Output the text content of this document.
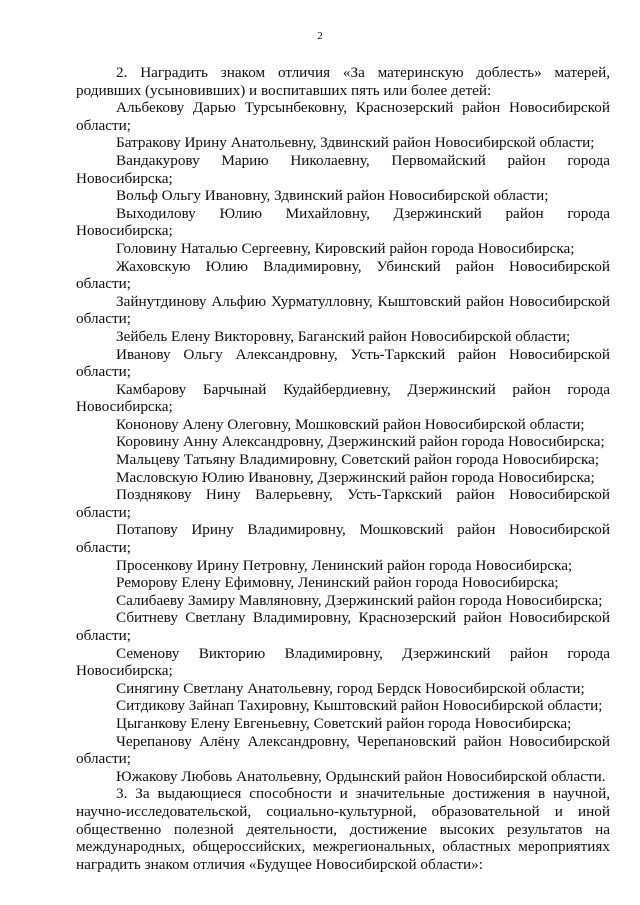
2

2. Наградить знаком отличия «За материнскую доблесть» матерей, родивших (усыновивших) и воспитавших пять или более детей:

Альбекову Дарью Турсынбековну, Краснозерский район Новосибирской области;

Батракову Ирину Анатольевну, Здвинский район Новосибирской области;

Вандакурову Марию Николаевну, Первомайский район города Новосибирска;

Вольф Ольгу Ивановну, Здвинский район Новосибирской области;

Выходилову Юлию Михайловну, Дзержинский район города Новосибирска;

Головину Наталью Сергеевну, Кировский район города Новосибирска;

Жаховскую Юлию Владимировну, Убинский район Новосибирской области;

Зайнутдинову Альфию Хурматулловну, Кыштовский район Новосибирской области;

Зейбель Елену Викторовну, Баганский район Новосибирской области;

Иванову Ольгу Александровну, Усть-Таркский район Новосибирской области;

Камбарову Барчынай Кудайбердиевну, Дзержинский район города Новосибирска;

Кононову Алену Олеговну, Мошковский район Новосибирской области;

Коровину Анну Александровну, Дзержинский район города Новосибирска;

Мальцеву Татьяну Владимировну, Советский район города Новосибирска;

Масловскую Юлию Ивановну, Дзержинский район города Новосибирска;

Позднякову Нину Валерьевну, Усть-Таркский район Новосибирской области;

Потапову Ирину Владимировну, Мошковский район Новосибирской области;

Просенкову Ирину Петровну, Ленинский район города Новосибирска;

Реморову Елену Ефимовну, Ленинский район города Новосибирска;

Салибаеву Замиру Мавляновну, Дзержинский район города Новосибирска;

Сбитневу Светлану Владимировну, Краснозерский район Новосибирской области;

Семенову Викторию Владимировну, Дзержинский район города Новосибирска;

Синягину Светлану Анатольевну, город Бердск Новосибирской области;

Ситдикову Зайнап Тахировну, Кыштовский район Новосибирской области;

Цыганкову Елену Евгеньевну, Советский район города Новосибирска;

Черепанову Алёну Александровну, Черепановский район Новосибирской области;

Южакову Любовь Анатольевну, Ордынский район Новосибирской области.

3. За выдающиеся способности и значительные достижения в научной, научно-исследовательской, социально-культурной, образовательной и иной общественно полезной деятельности, достижение высоких результатов на международных, общероссийских, межрегиональных, областных мероприятиях наградить знаком отличия «Будущее Новосибирской области»:
